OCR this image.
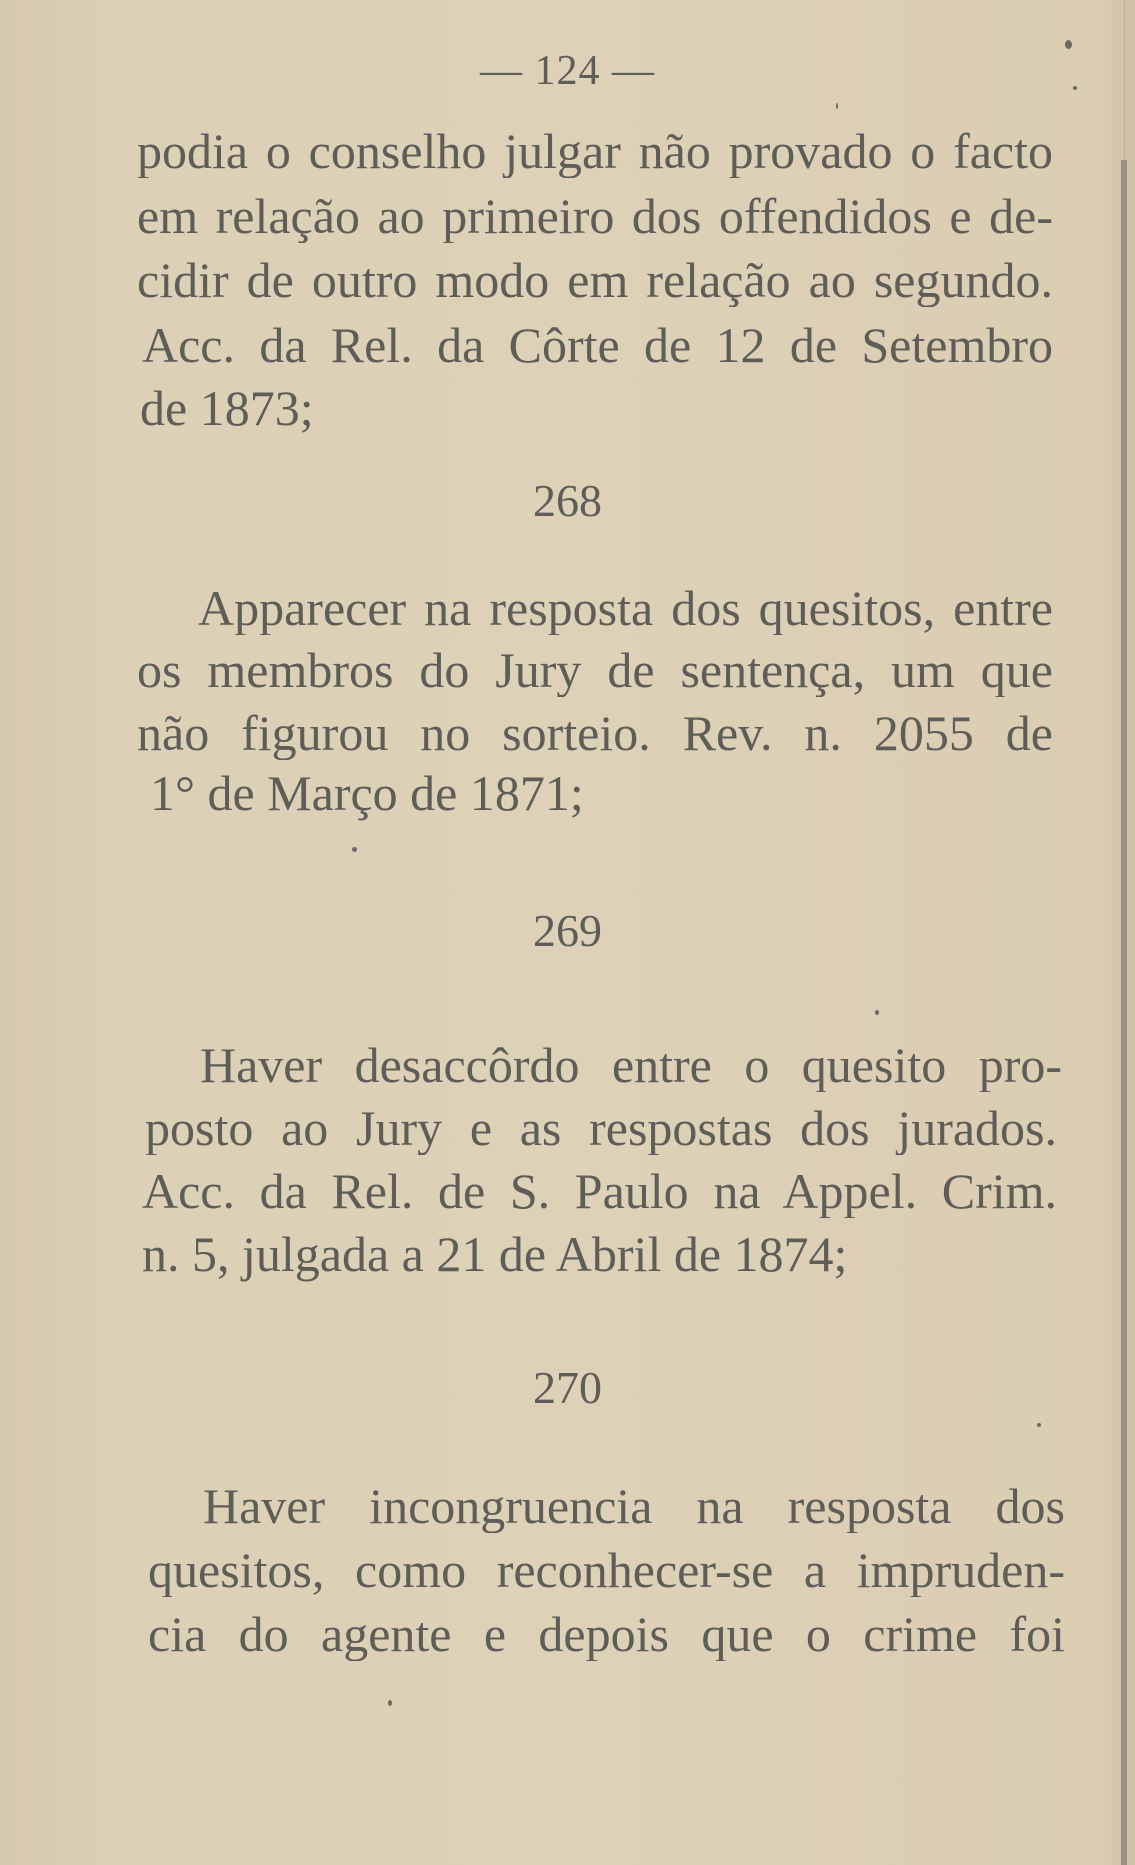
— 124 —
podia o conselho julgar não provado o facto
em relação ao primeiro dos offendidos e de-
cidir de outro modo em relação ao segundo.
Acc. da Rel. da Côrte de 12 de Setembro
de 1873;
268
Apparecer na resposta dos quesitos, entre
os membros do Jury de sentença, um que
não figurou no sorteio. Rev. n. 2055 de
1° de Março de 1871;
269
Haver desaccôrdo entre o quesito pro-
posto ao Jury e as respostas dos jurados.
Acc. da Rel. de S. Paulo na Appel. Crim.
n. 5, julgada a 21 de Abril de 1874;
270
Haver incongruencia na resposta dos
quesitos, como reconhecer-se a impruden-
cia do agente e depois que o crime foi
